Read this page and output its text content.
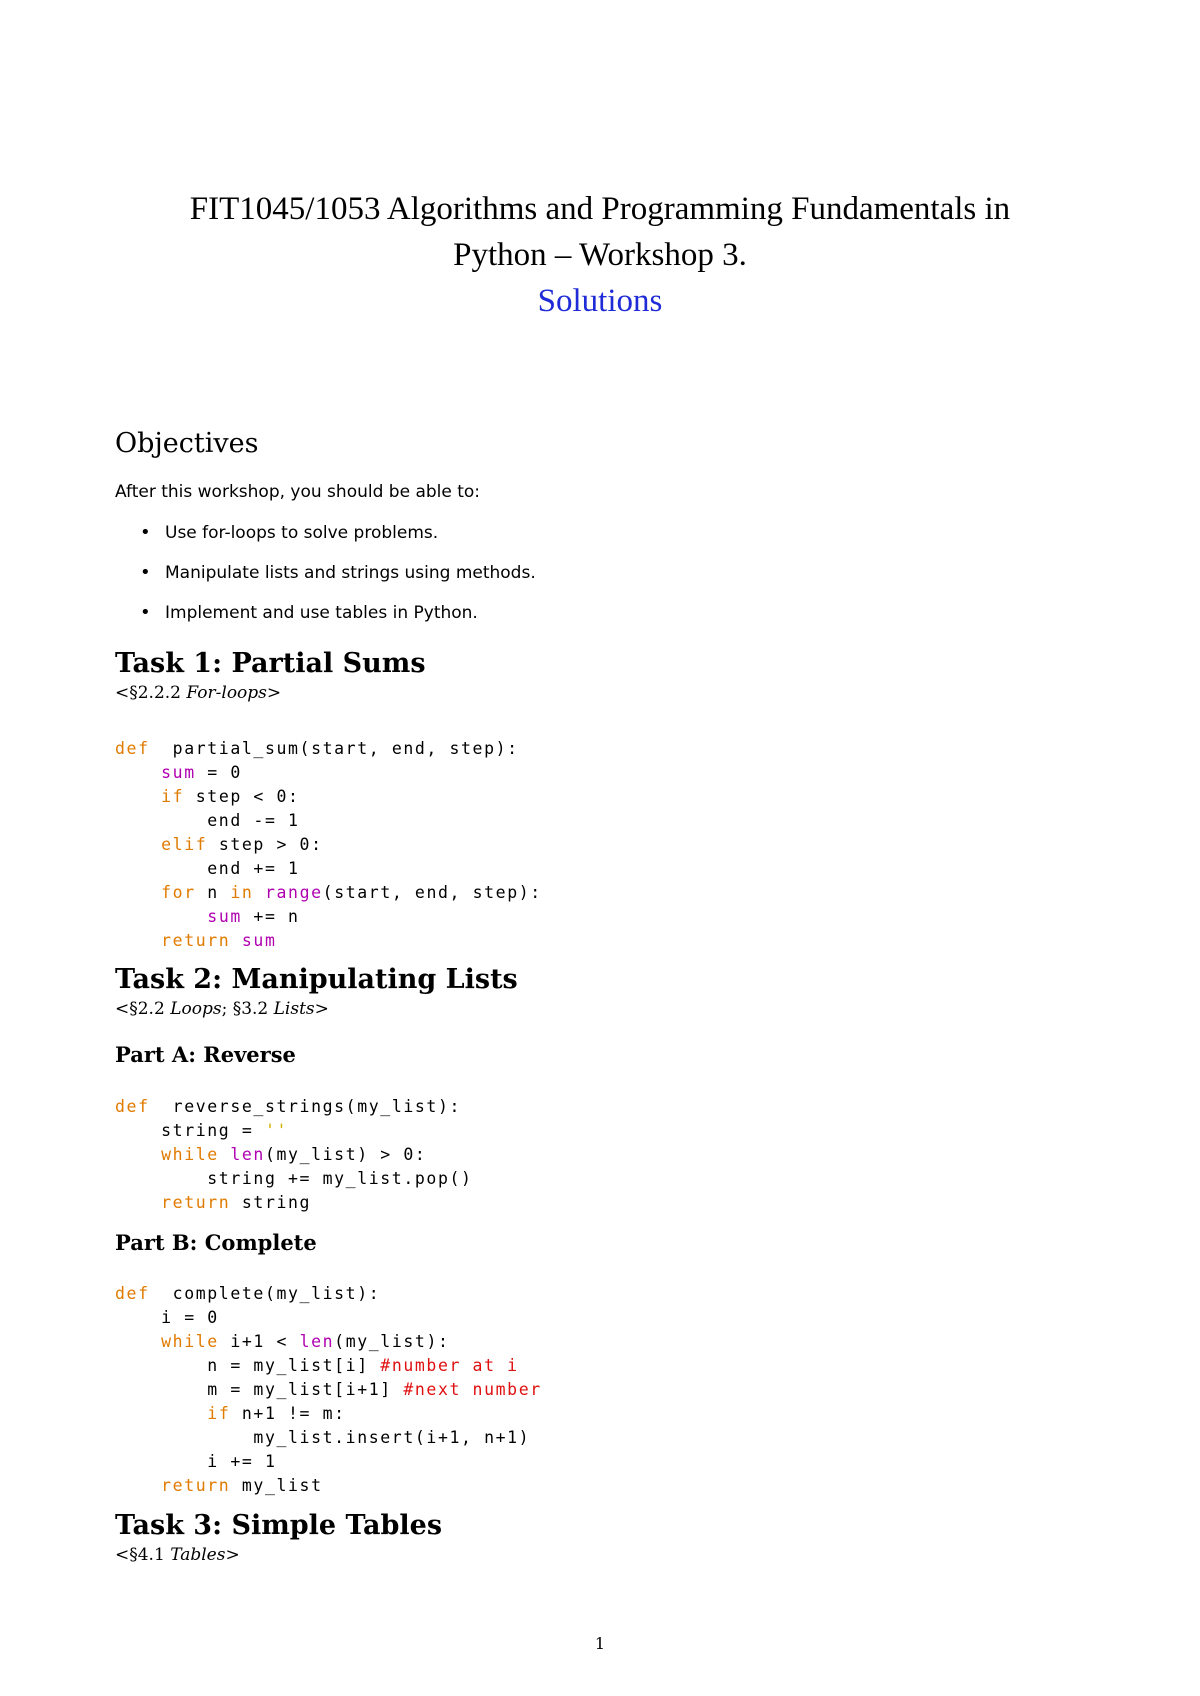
FIT1045/1053 Algorithms and Programming Fundamentals in
Python – Workshop 3.
Solutions
Objectives
After this workshop, you should be able to:
• Use for-loops to solve problems.
• Manipulate lists and strings using methods.
• Implement and use tables in Python.
Task 1: Partial Sums
<§2.2.2 For-loops>
def  partial_sum(start, end, step):
sum = 0
if step < 0:
end -= 1
elif step > 0:
end += 1
for n in range(start, end, step):
sum += n
return sum
Task 2: Manipulating Lists
<§2.2 Loops; §3.2 Lists>
Part A: Reverse
def  reverse_strings(my_list):
string = ''
while len(my_list) > 0:
string += my_list.pop()
return string
Part B: Complete
def  complete(my_list):
i = 0
while i+1 < len(my_list):
n = my_list[i] #number at i
m = my_list[i+1] #next number
if n+1 != m:
my_list.insert(i+1, n+1)
i += 1
return my_list
Task 3: Simple Tables
<§4.1 Tables>
1
